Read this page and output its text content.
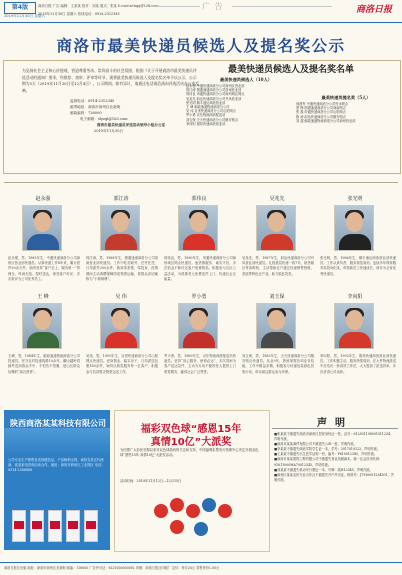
第4版
2019年11月30日 星期六
商洛日报·广告 编辑：王某某 校对：刘某 版式：张某 E-mail:slrbgg@126.com
2019年11月30日 星期六 热线电话：0914-2312345
广 告	商洛日报
商洛市最美快递员候选人及提名奖公示
为弘扬社会主义核心价值观，营造尊重劳动、崇尚奋斗的社会氛围，根据《关于开展商洛市最美快递员评选活动的通知》要求，经推荐、初审、评审等环节，现将最美快递员候选人及提名奖名单予以公示，公示期为5天（2019年11月30日至12月4日）。公示期间，如有异议，请通过电话或信函向评选活动办公室反映。
监督电话：0914-2312345
邮寄地址：商洛市商州区北新街
邮政编码：726000
电子邮箱：slyzgl@163.com
商洛市最美快递员评选活动领导小组办公室
2019年11月30日
最美快递员候选人及提名奖名单
最美快递员候选人（10人）
赵永强 中通快递商洛分公司商州区营业部
郭江涛 圆通速递商洛分公司洛南营业部
郭伟良 申通快递商洛分公司商州城区网点
吴兆先 韵达快递商洛分公司丹凤营业部
张光明 顺丰速运商洛营业部
王 峰 邮政速递物流商洛分公司
吴 伟 百世快递商洛分公司山阳网点
罗小勇 京东物流商洛配送站
刘玉保 天天快递商洛分公司镇安网点
李向阳 德邦快递商洛营业部
最美快递员提名奖（5人）
何建军 中通快递商洛分公司柞水网点
贾 锋 圆通速递商洛分公司商南网点
张 磊 申通快递商洛分公司山阳网点
陈 涛 韵达快递商洛分公司镇安网点
刘 超 邮政速递物流商洛分公司商州营业部
赵永强
赵永强，男，1985年生，中通快递商洛分公司商州区营业部快递员。从事快递工作8年来，累计派件30余万件，始终坚持“客户至上、服务第一”的理念，风雨无阻，按时送达，深受客户好评，多次被评为公司优秀员工。
郭江涛
郭江涛，男，1988年生，圆通速递商洛分公司洛南营业部快递员。工作中吃苦耐劳、任劳任怨，日均派件200余件，做到零差错、零投诉，疫情期间主动请缨保障防疫物资运输，被群众亲切地称为“小郭师傅”。
郭伟良
郭伟良，男，1990年生，申通快递商洛分公司商州城区网点快递员。他热情服务、诚实守信，多次拾金不昧归还客户贵重物品，积极参与社区公益活动，为孤寡老人免费送件上门，传递社会正能量。
吴兆先
吴兆先，男，1987年生，韵达快递商洛分公司丹凤营业部快递员。扎根基层快递一线7年，熟悉辖区每条街巷，主动帮助农户通过快递销售核桃、香菇等特色农产品，助力脱贫攻坚。
张光明
张光明，男，1986年生，顺丰速运商洛营业部快递员。工作认真负责，服务规范周到，连续多年保持服务零投诉纪录，带领新员工快速成长，被评为全省优秀快递员。
王 峰
王峰，男，1984年生，邮政速递物流商洛分公司投递员。坚守农村投递线路10余年，翻山越岭将邮件送到群众手中，不怕苦不怕累，是山区群众信赖的“绿衣使者”。
吴 伟
吴伟，男，1991年生，百世快递商洛分公司山阳网点快递员。爱岗敬业、踏实肯干，日均派送包裹180余件，始终以微笑服务每一位客户，积极参与抗洪救灾物资运送工作。
罗小勇
罗小勇，男，1989年生，京东物流商洛配送站快递员。坚持“用心服务、使命必达”，多次冒雨为客户送达急件，主动为行动不便的老人提供上门收寄服务，赢得社会广泛赞誉。
刘玉保
刘玉保，男，1983年生，天天快递商洛分公司镇安网点快递员。从业9年，熟练掌握各项业务技能，工作中精益求精，积极参与快递包装绿色回收行动，带动周边群众参与环保。
李向阳
李向阳，男，1992年生，德邦快递商洛营业部快递员。工作积极主动，服务热情周到，在大件物流派送中总结出一套高效工作法，大大提高了派送效率，多次获得公司表彰。
陕西商洛某某科技有限公司
公司专业生产销售各类保健饮品，产品畅销全国，诚招各县区代理商，欢迎来电咨询洽谈合作。地址：商洛市商州区工业园区 电话：0914-2388888
福彩双色球“感恩15年
真情10亿”大派奖
为回馈广大彩民长期以来对双色球游戏的关注和支持，中国福利彩票发行管理中心决定开展双色球“感恩15年 真情10亿”大派奖活动。
活动时间：2019年11月12日—12月15日
声明
■张某某不慎遗失商洛市商州区居民身份证一张，证号：612501198501011234，声明作废。
■商洛市某某商贸有限公司不慎遗失公章一枚，声明作废。
■李某某不慎遗失商洛学院学生证一本，学号：2017010123，声明作废。
■王某某不慎遗失出生医学证明一份，编号：P610012345，声明作废。
■商洛市某某建筑工程有限公司不慎遗失营业执照副本，统一社会信用代码：91611000MA70012345，声明作废。
■刘某某不慎遗失机动车行驶证一本，号牌：陕H12345，声明作废。
■商州区某某农民专业合作社不慎遗失开户许可证，核准号：J7910001234501，声明作废。
商洛日报社出版 地址：商洛市商州区北新街 邮编：726000 广告许可证：6125004000001 印刷：商洛日报社印刷厂 定价：每月24元 零售每份1.00元
